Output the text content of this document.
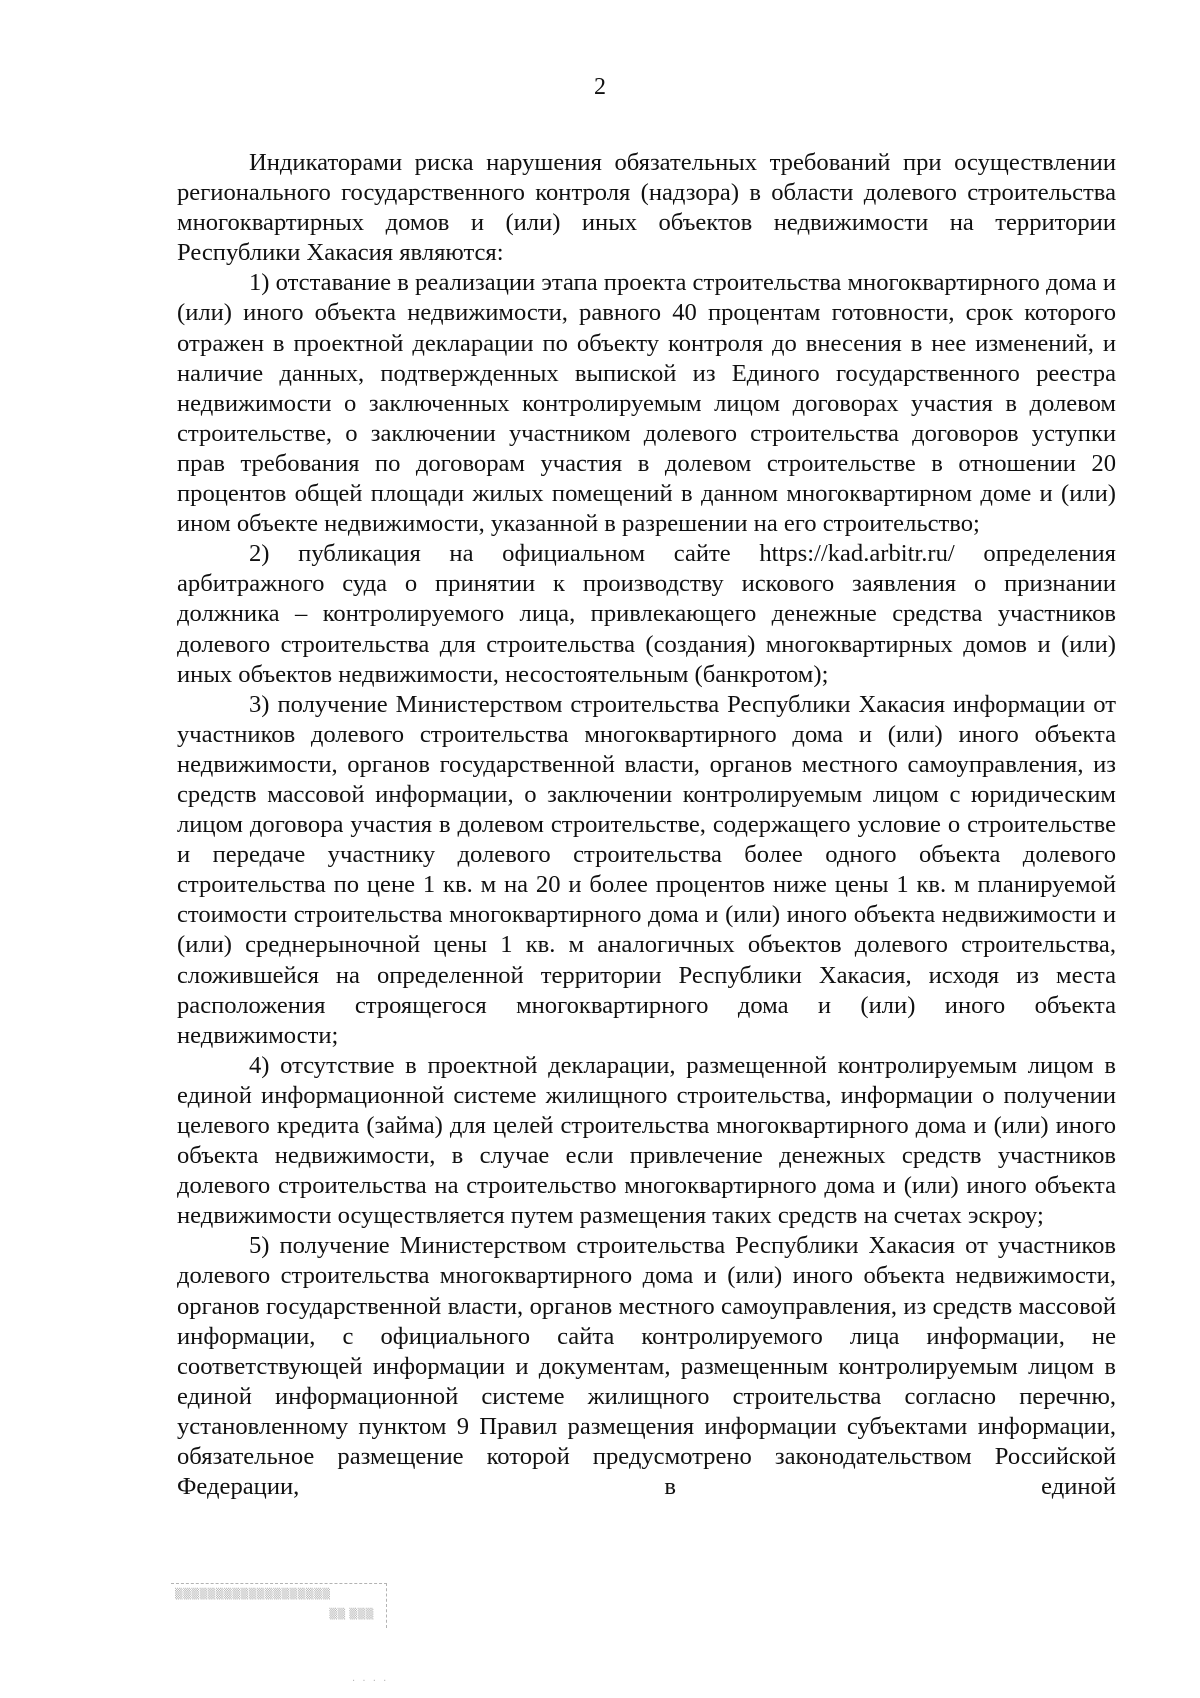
2

Индикаторами риска нарушения обязательных требований при осуществлении регионального государственного контроля (надзора) в области долевого строительства многоквартирных домов и (или) иных объектов недвижимости на территории Республики Хакасия являются:

1) отставание в реализации этапа проекта строительства многоквартирного дома и (или) иного объекта недвижимости, равного 40 процентам готовности, срок которого отражен в проектной декларации по объекту контроля до внесения в нее изменений, и наличие данных, подтвержденных выпиской из Единого государственного реестра недвижимости о заключенных контролируемым лицом договорах участия в долевом строительстве, о заключении участником долевого строительства договоров уступки прав требования по договорам участия в долевом строительстве в отношении 20 процентов общей площади жилых помещений в данном многоквартирном доме и (или) ином объекте недвижимости, указанной в разрешении на его строительство;

2) публикация на официальном сайте https://kad.arbitr.ru/ определения арбитражного суда о принятии к производству искового заявления о признании должника – контролируемого лица, привлекающего денежные средства участников долевого строительства для строительства (создания) многоквартирных домов и (или) иных объектов недвижимости, несостоятельным (банкротом);

3) получение Министерством строительства Республики Хакасия информации от участников долевого строительства многоквартирного дома и (или) иного объекта недвижимости, органов государственной власти, органов местного самоуправления, из средств массовой информации, о заключении контролируемым лицом с юридическим лицом договора участия в долевом строительстве, содержащего условие о строительстве и передаче участнику долевого строительства более одного объекта долевого строительства по цене 1 кв. м на 20 и более процентов ниже цены 1 кв. м планируемой стоимости строительства многоквартирного дома и (или) иного объекта недвижимости и (или) среднерыночной цены 1 кв. м аналогичных объектов долевого строительства, сложившейся на определенной территории Республики Хакасия, исходя из места расположения строящегося многоквартирного дома и (или) иного объекта недвижимости;

4) отсутствие в проектной декларации, размещенной контролируемым лицом в единой информационной системе жилищного строительства, информации о получении целевого кредита (займа) для целей строительства многоквартирного дома и (или) иного объекта недвижимости, в случае если привлечение денежных средств участников долевого строительства на строительство многоквартирного дома и (или) иного объекта недвижимости осуществляется путем размещения таких средств на счетах эскроу;

5) получение Министерством строительства Республики Хакасия от участников долевого строительства многоквартирного дома и (или) иного объекта недвижимости, органов государственной власти, органов местного самоуправления, из средств массовой информации, с официального сайта контролируемого лица информации, не соответствующей информации и документам, размещенным контролируемым лицом в единой информационной системе жилищного строительства согласно перечню, установленному пунктом 9 Правил размещения информации субъектами информации, обязательное размещение которой предусмотрено законодательством Российской Федерации, в единой

▒▒▒▒▒▒▒▒▒▒▒▒▒▒▒▒▒▒▒
▒▒ ▒▒▒
· · · ·
